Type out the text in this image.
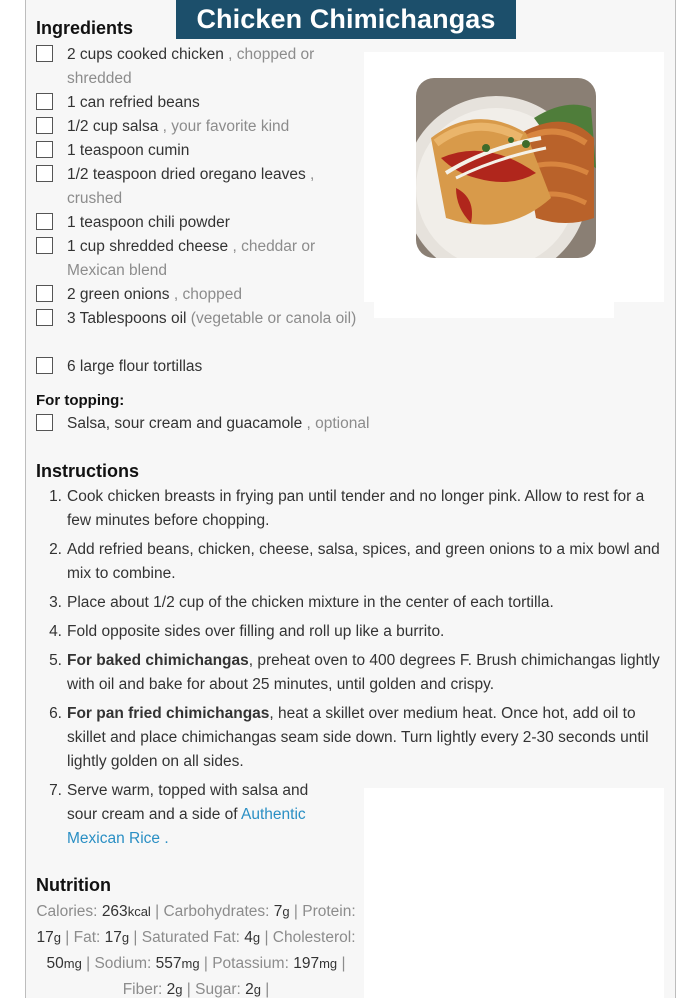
Chicken Chimichangas
Ingredients
2 cups cooked chicken , chopped or shredded
1 can refried beans
1/2 cup salsa , your favorite kind
1 teaspoon cumin
1/2 teaspoon dried oregano leaves , crushed
1 teaspoon chili powder
1 cup shredded cheese , cheddar or Mexican blend
2 green onions , chopped
3 Tablespoons oil (vegetable or canola oil)
6 large flour tortillas
For topping:
Salsa, sour cream and guacamole , optional
Instructions
1. Cook chicken breasts in frying pan until tender and no longer pink. Allow to rest for a few minutes before chopping.
2. Add refried beans, chicken, cheese, salsa, spices, and green onions to a mix bowl and mix to combine.
3. Place about 1/2 cup of the chicken mixture in the center of each tortilla.
4. Fold opposite sides over filling and roll up like a burrito.
5. For baked chimichangas, preheat oven to 400 degrees F. Brush chimichangas lightly with oil and bake for about 25 minutes, until golden and crispy.
6. For pan fried chimichangas, heat a skillet over medium heat. Once hot, add oil to skillet and place chimichangas seam side down. Turn lightly every 2-30 seconds until lightly golden on all sides.
7. Serve warm, topped with salsa and sour cream and a side of Authentic Mexican Rice .
Nutrition
Calories: 263kcal | Carbohydrates: 7g | Protein: 17g | Fat: 17g | Saturated Fat: 4g | Cholesterol: 50mg | Sodium: 557mg | Potassium: 197mg | Fiber: 2g | Sugar: 2g |
